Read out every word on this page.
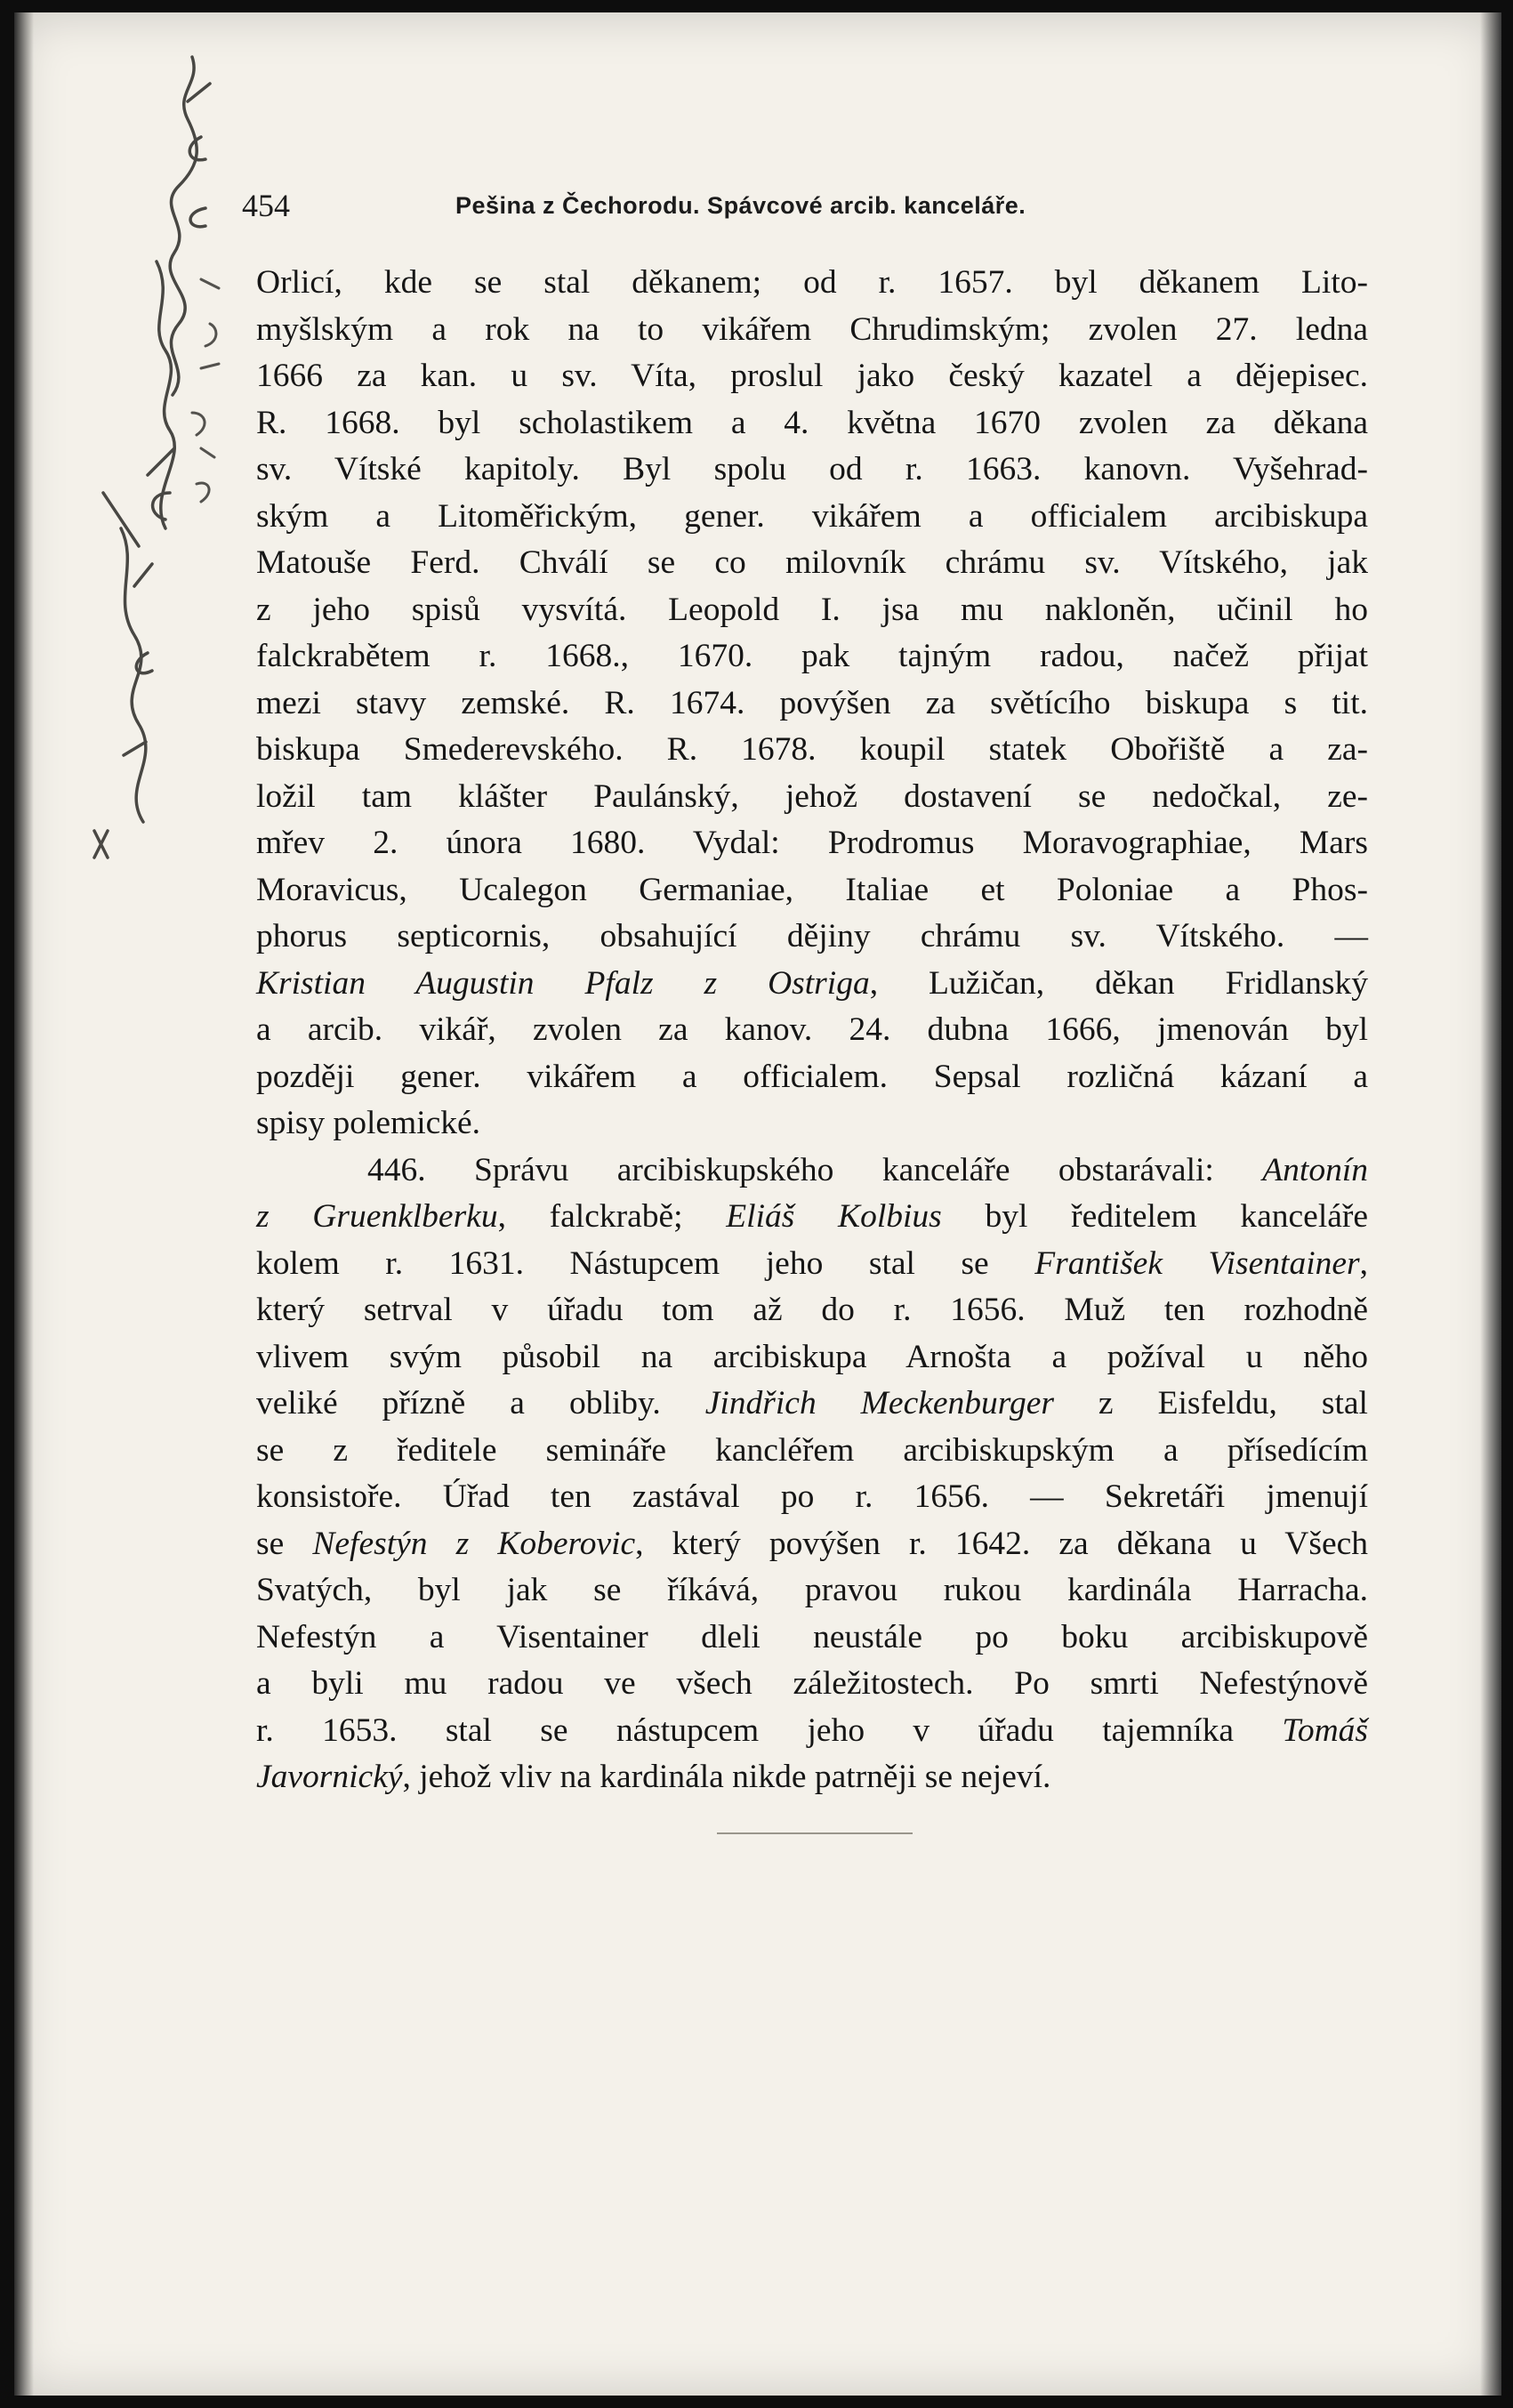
454	Pešina z Čechorodu. Spávcové arcib. kanceláře.
Orlicí, kde se stal děkanem; od r. 1657. byl děkanem Lito-
myšlským a rok na to vikářem Chrudimským; zvolen 27. ledna
1666 za kan. u sv. Víta, proslul jako český kazatel a dějepisec.
R. 1668. byl scholastikem a 4. května 1670 zvolen za děkana
sv. Vítské kapitoly. Byl spolu od r. 1663. kanovn. Vyšehrad-
ským a Litoměřickým, gener. vikářem a officialem arcibiskupa
Matouše Ferd. Chválí se co milovník chrámu sv. Vítského, jak
z jeho spisů vysvítá. Leopold I. jsa mu nakloněn, učinil ho
falckrabětem r. 1668., 1670. pak tajným radou, načež přijat
mezi stavy zemské. R. 1674. povýšen za světícího biskupa s tit.
biskupa Smederevského. R. 1678. koupil statek Obořiště a za-
ložil tam klášter Paulánský, jehož dostavení se nedočkal, ze-
mřev 2. února 1680. Vydal: Prodromus Moravographiae, Mars
Moravicus, Ucalegon Germaniae, Italiae et Poloniae a Phos-
phorus septicornis, obsahující dějiny chrámu sv. Vítského. —
Kristian Augustin Pfalz z Ostriga, Lužičan, děkan Fridlanský
a arcib. vikář, zvolen za kanov. 24. dubna 1666, jmenován byl
později gener. vikářem a officialem. Sepsal rozličná kázaní a
spisy polemické.
446. Správu arcibiskupského kanceláře obstarávali: Antonín
z Gruenklberku, falckrabě; Eliáš Kolbius byl ředitelem kanceláře
kolem r. 1631. Nástupcem jeho stal se František Visentainer,
který setrval v úřadu tom až do r. 1656. Muž ten rozhodně
vlivem svým působil na arcibiskupa Arnošta a požíval u něho
veliké přízně a obliby. Jindřich Meckenburger z Eisfeldu, stal
se z ředitele semináře kancléřem arcibiskupským a přísedícím
konsistoře. Úřad ten zastával po r. 1656. — Sekretáři jmenují
se Nefestýn z Koberovic, který povýšen r. 1642. za děkana u Všech
Svatých, byl jak se říkává, pravou rukou kardinála Harracha.
Nefestýn a Visentainer dleli neustále po boku arcibiskupově
a byli mu radou ve všech záležitostech. Po smrti Nefestýnově
r. 1653. stal se nástupcem jeho v úřadu tajemníka Tomáš
Javornický, jehož vliv na kardinála nikde patrněji se nejeví.
